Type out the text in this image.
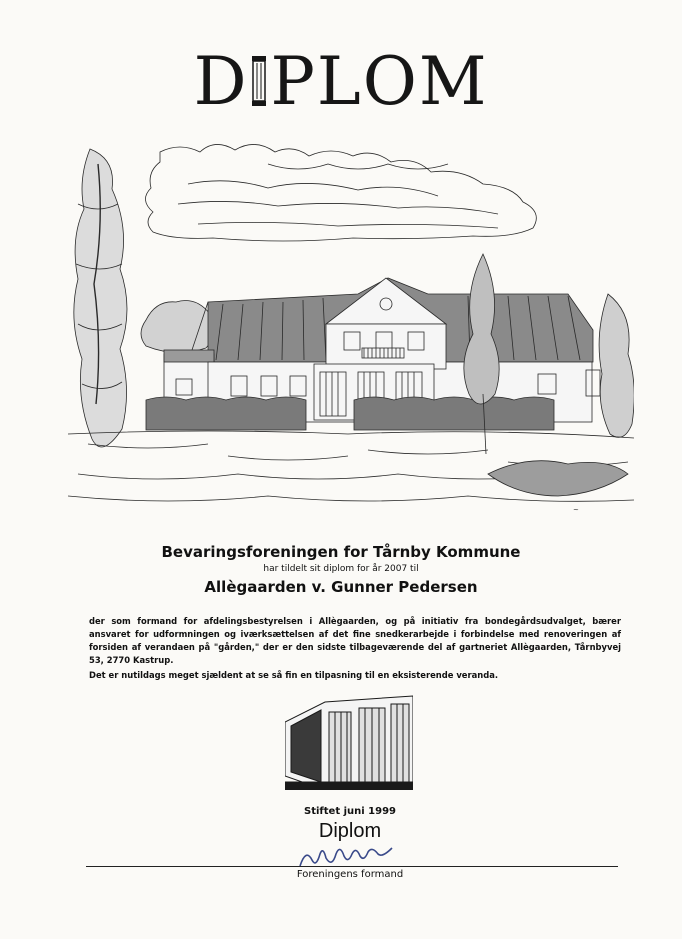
D PLOM
~
Bevaringsforeningen for Tårnby Kommune
har tildelt sit diplom for år 2007 til
Allègaarden v. Gunner Pedersen
der som formand for afdelingsbestyrelsen i Allègaarden, og på initiativ fra bondegårdsudvalget, bærer ansvaret for udformningen og iværksættelsen af det fine snedkerarbejde i forbindelse med renoveringen af forsiden af verandaen på "gården," der er den sidste tilbageværende del af gartneriet Allègaarden, Tårnbyvej 53, 2770 Kastrup.
Det er nutildags meget sjældent at se så fin en tilpasning til en eksisterende veranda.
Stiftet juni 1999
Diplom
Foreningens formand
